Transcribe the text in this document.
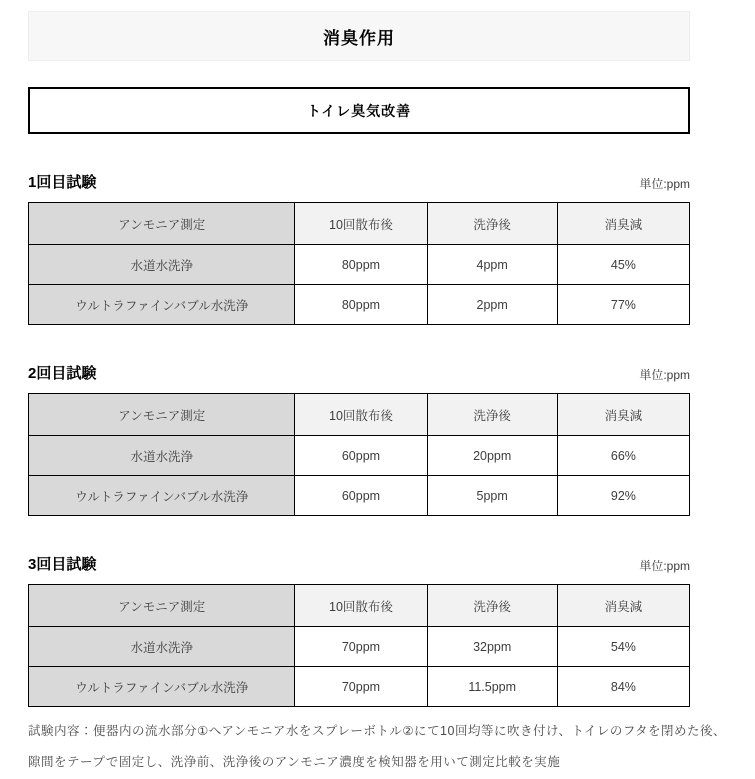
消臭作用
トイレ臭気改善
1回目試験	単位:ppm
アンモニア測定	10回散布後	洗浄後	消臭減
水道水洗浄	80ppm	4ppm	45%
ウルトラファインバブル水洗浄	80ppm	2ppm	77%
2回目試験	単位:ppm
アンモニア測定	10回散布後	洗浄後	消臭減
水道水洗浄	60ppm	20ppm	66%
ウルトラファインバブル水洗浄	60ppm	5ppm	92%
3回目試験	単位:ppm
アンモニア測定	10回散布後	洗浄後	消臭減
水道水洗浄	70ppm	32ppm	54%
ウルトラファインバブル水洗浄	70ppm	11.5ppm	84%
試験内容：便器内の流水部分①へアンモニア水をスプレーボトル②にて10回均等に吹き付け、トイレのフタを閉めた後、隙間をテープで固定し、洗浄前、洗浄後のアンモニア濃度を検知器を用いて測定比較を実施
